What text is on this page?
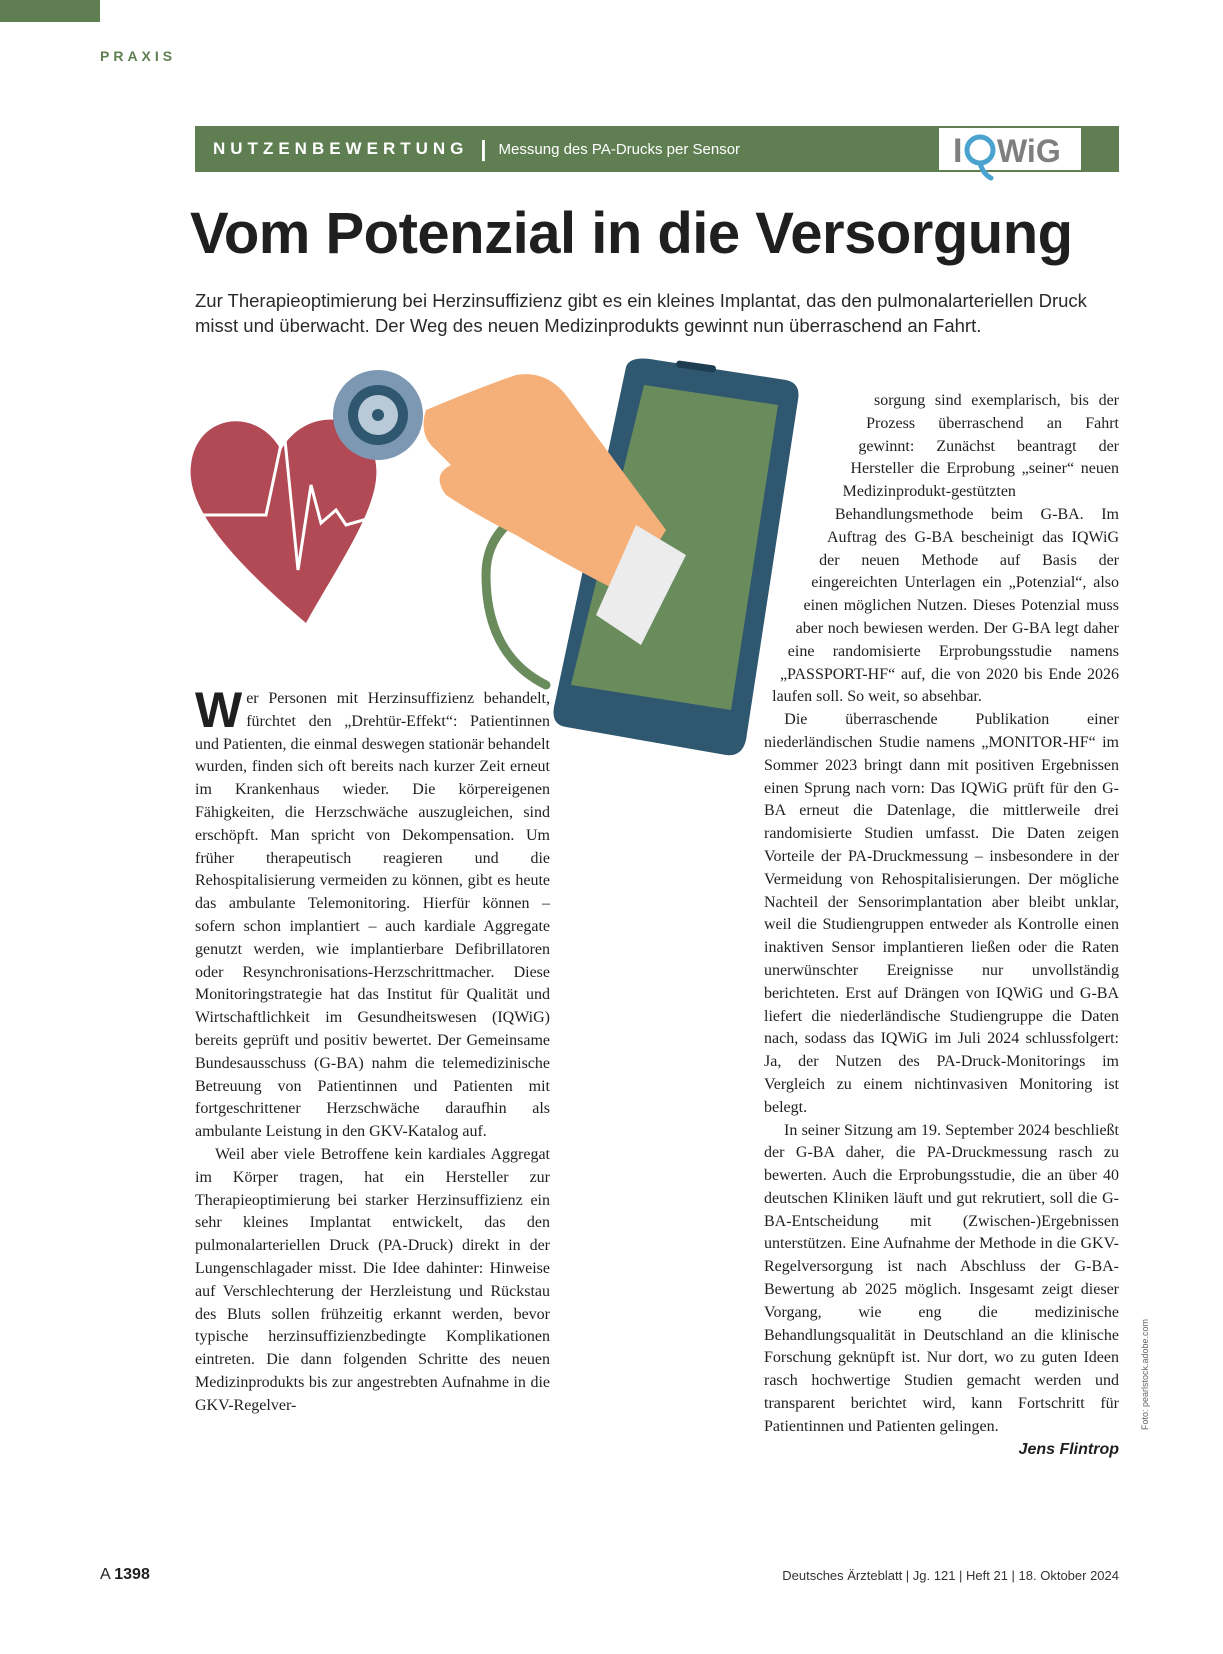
PRAXIS
NUTZENBEWERTUNG | Messung des PA-Drucks per Sensor	I WiG
Vom Potenzial in die Versorgung

Zur Therapieoptimierung bei Herzinsuffizienz gibt es ein kleines Implantat, das den pulmonalarteriellen Druck misst und überwacht. Der Weg des neuen Medizinprodukts gewinnt nun überraschend an Fahrt.

Wer Personen mit Herzinsuffizienz behandelt, fürchtet den „Drehtür-Effekt“: Patientinnen und Patienten, die einmal deswegen stationär behandelt wurden, finden sich oft bereits nach kurzer Zeit erneut im Krankenhaus wieder. Die körpereigenen Fähigkeiten, die Herzschwäche auszugleichen, sind erschöpft. Man spricht von Dekompensation. Um früher therapeutisch reagieren und die Rehospitalisierung vermeiden zu können, gibt es heute das ambulante Telemonitoring. Hierfür können – sofern schon implantiert – auch kardiale Aggregate genutzt werden, wie implantierbare Defibrillatoren oder Resynchronisations-Herzschrittmacher. Diese Monitoringstrategie hat das Institut für Qualität und Wirtschaftlichkeit im Gesundheitswesen (IQWiG) bereits geprüft und positiv bewertet. Der Gemeinsame Bundesausschuss (G-BA) nahm die telemedizinische Betreuung von Patientinnen und Patienten mit fortgeschrittener Herzschwäche daraufhin als ambulante Leistung in den GKV-Katalog auf.

Weil aber viele Betroffene kein kardiales Aggregat im Körper tragen, hat ein Hersteller zur Therapieoptimierung bei starker Herzinsuffizienz ein sehr kleines Implantat entwickelt, das den pulmonalarteriellen Druck (PA-Druck) direkt in der Lungenschlagader misst. Die Idee dahinter: Hinweise auf Verschlechterung der Herzleistung und Rückstau des Bluts sollen frühzeitig erkannt werden, bevor typische herzinsuffizienzbedingte Komplikationen eintreten. Die dann folgenden Schritte des neuen Medizinprodukts bis zur angestrebten Aufnahme in die GKV-Regelver-

sorgung sind exemplarisch, bis der Prozess überraschend an Fahrt gewinnt: Zunächst beantragt der Hersteller die Erprobung „seiner“ neuen Medizinprodukt-gestützten Behandlungsmethode beim G-BA. Im Auftrag des G-BA bescheinigt das IQWiG der neuen Methode auf Basis der eingereichten Unterlagen ein „Potenzial“, also einen möglichen Nutzen. Dieses Potenzial muss aber noch bewiesen werden. Der G-BA legt daher eine randomisierte Erprobungsstudie namens „PASSPORT-HF“ auf, die von 2020 bis Ende 2026 laufen soll. So weit, so absehbar.

Die überraschende Publikation einer niederländischen Studie namens „MONITOR-HF“ im Sommer 2023 bringt dann mit positiven Ergebnissen einen Sprung nach vorn: Das IQWiG prüft für den G-BA erneut die Datenlage, die mittlerweile drei randomisierte Studien umfasst. Die Daten zeigen Vorteile der PA-Druckmessung – insbesondere in der Vermeidung von Rehospitalisierungen. Der mögliche Nachteil der Sensorimplantation aber bleibt unklar, weil die Studiengruppen entweder als Kontrolle einen inaktiven Sensor implantieren ließen oder die Raten unerwünschter Ereignisse nur unvollständig berichteten. Erst auf Drängen von IQWiG und G-BA liefert die niederländische Studiengruppe die Daten nach, sodass das IQWiG im Juli 2024 schlussfolgert: Ja, der Nutzen des PA-Druck-Monitorings im Vergleich zu einem nichtinvasiven Monitoring ist belegt.

In seiner Sitzung am 19. September 2024 beschließt der G-BA daher, die PA-Druckmessung rasch zu bewerten. Auch die Erprobungsstudie, die an über 40 deutschen Kliniken läuft und gut rekrutiert, soll die G-BA-Entscheidung mit (Zwischen-)Ergebnissen unterstützen. Eine Aufnahme der Methode in die GKV-Regelversorgung ist nach Abschluss der G-BA-Bewertung ab 2025 möglich. Insgesamt zeigt dieser Vorgang, wie eng die medizinische Behandlungsqualität in Deutschland an die klinische Forschung geknüpft ist. Nur dort, wo zu guten Ideen rasch hochwertige Studien gemacht werden und transparent berichtet wird, kann Fortschritt für Patientinnen und Patienten gelingen.
Jens Flintrop

Foto: pearlstock.adobe.com
A 1398	Deutsches Ärzteblatt | Jg. 121 | Heft 21 | 18. Oktober 2024
